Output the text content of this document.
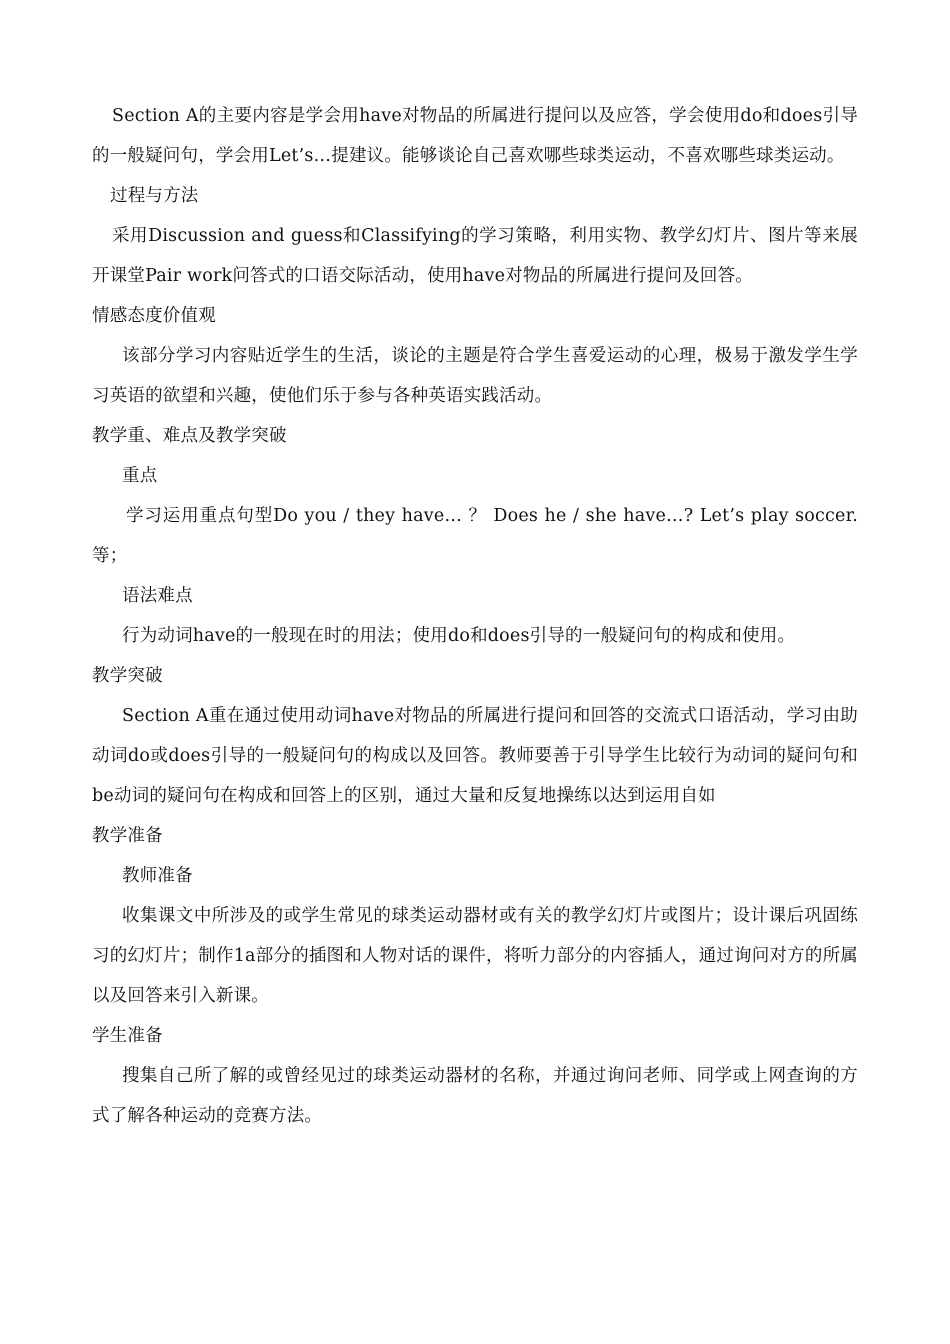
Section A的主要内容是学会用have对物品的所属进行提问以及应答，学会使用do和does引导的一般疑问句，学会用Let’s…提建议。能够谈论自己喜欢哪些球类运动，不喜欢哪些球类运动。

过程与方法

采用Discussion and guess和Classifying的学习策略，利用实物、教学幻灯片、图片等来展开课堂Pair work问答式的口语交际活动，使用have对物品的所属进行提问及回答。

情感态度价值观

该部分学习内容贴近学生的生活，谈论的主题是符合学生喜爱运动的心理，极易于激发学生学习英语的欲望和兴趣，使他们乐于参与各种英语实践活动。

教学重、难点及教学突破

重点

学习运用重点句型Do you / they have… ？ Does he / she have…? Let’s play soccer. 等；

语法难点

行为动词have的一般现在时的用法；使用do和does引导的一般疑问句的构成和使用。

教学突破

Section A重在通过使用动词have对物品的所属进行提问和回答的交流式口语活动，学习由助动词do或does引导的一般疑问句的构成以及回答。教师要善于引导学生比较行为动词的疑问句和be动词的疑问句在构成和回答上的区别，通过大量和反复地操练以达到运用自如

教学准备

教师准备

收集课文中所涉及的或学生常见的球类运动器材或有关的教学幻灯片或图片；设计课后巩固练习的幻灯片；制作1a部分的插图和人物对话的课件，将听力部分的内容插人，通过询问对方的所属以及回答来引入新课。

学生准备

搜集自己所了解的或曾经见过的球类运动器材的名称，并通过询问老师、同学或上网查询的方式了解各种运动的竞赛方法。
